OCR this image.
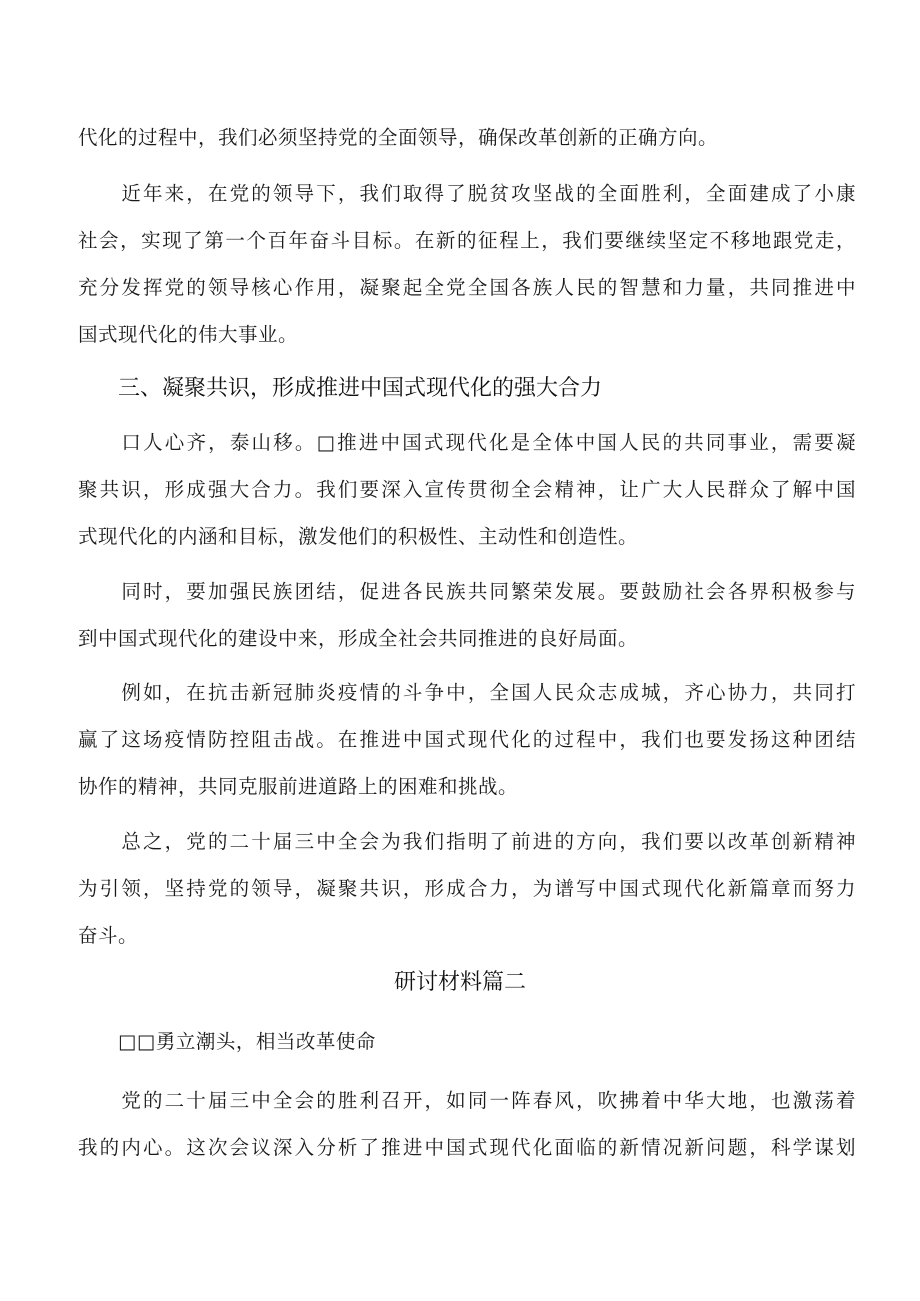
代化的过程中，我们必须坚持党的全面领导，确保改革创新的正确方向。

　　近年来，在党的领导下，我们取得了脱贫攻坚战的全面胜利，全面建成了小康
社会，实现了第一个百年奋斗目标。在新的征程上，我们要继续坚定不移地跟党走，
充分发挥党的领导核心作用，凝聚起全党全国各族人民的智慧和力量，共同推进中
国式现代化的伟大事业。

三、凝聚共识，形成推进中国式现代化的强大合力

　　口人心齐，泰山移。□推进中国式现代化是全体中国人民的共同事业，需要凝
聚共识，形成强大合力。我们要深入宣传贯彻全会精神，让广大人民群众了解中国
式现代化的内涵和目标，激发他们的积极性、主动性和创造性。

　　同时，要加强民族团结，促进各民族共同繁荣发展。要鼓励社会各界积极参与
到中国式现代化的建设中来，形成全社会共同推进的良好局面。

　　例如，在抗击新冠肺炎疫情的斗争中，全国人民众志成城，齐心协力，共同打
赢了这场疫情防控阻击战。在推进中国式现代化的过程中，我们也要发扬这种团结
协作的精神，共同克服前进道路上的困难和挑战。

　　总之，党的二十届三中全会为我们指明了前进的方向，我们要以改革创新精神
为引领，坚持党的领导，凝聚共识，形成合力，为谱写中国式现代化新篇章而努力
奋斗。

研讨材料篇二

□□勇立潮头，相当改革使命

　　党的二十届三中全会的胜利召开，如同一阵春风，吹拂着中华大地，也激荡着
我的内心。这次会议深入分析了推进中国式现代化面临的新情况新问题，科学谋划
